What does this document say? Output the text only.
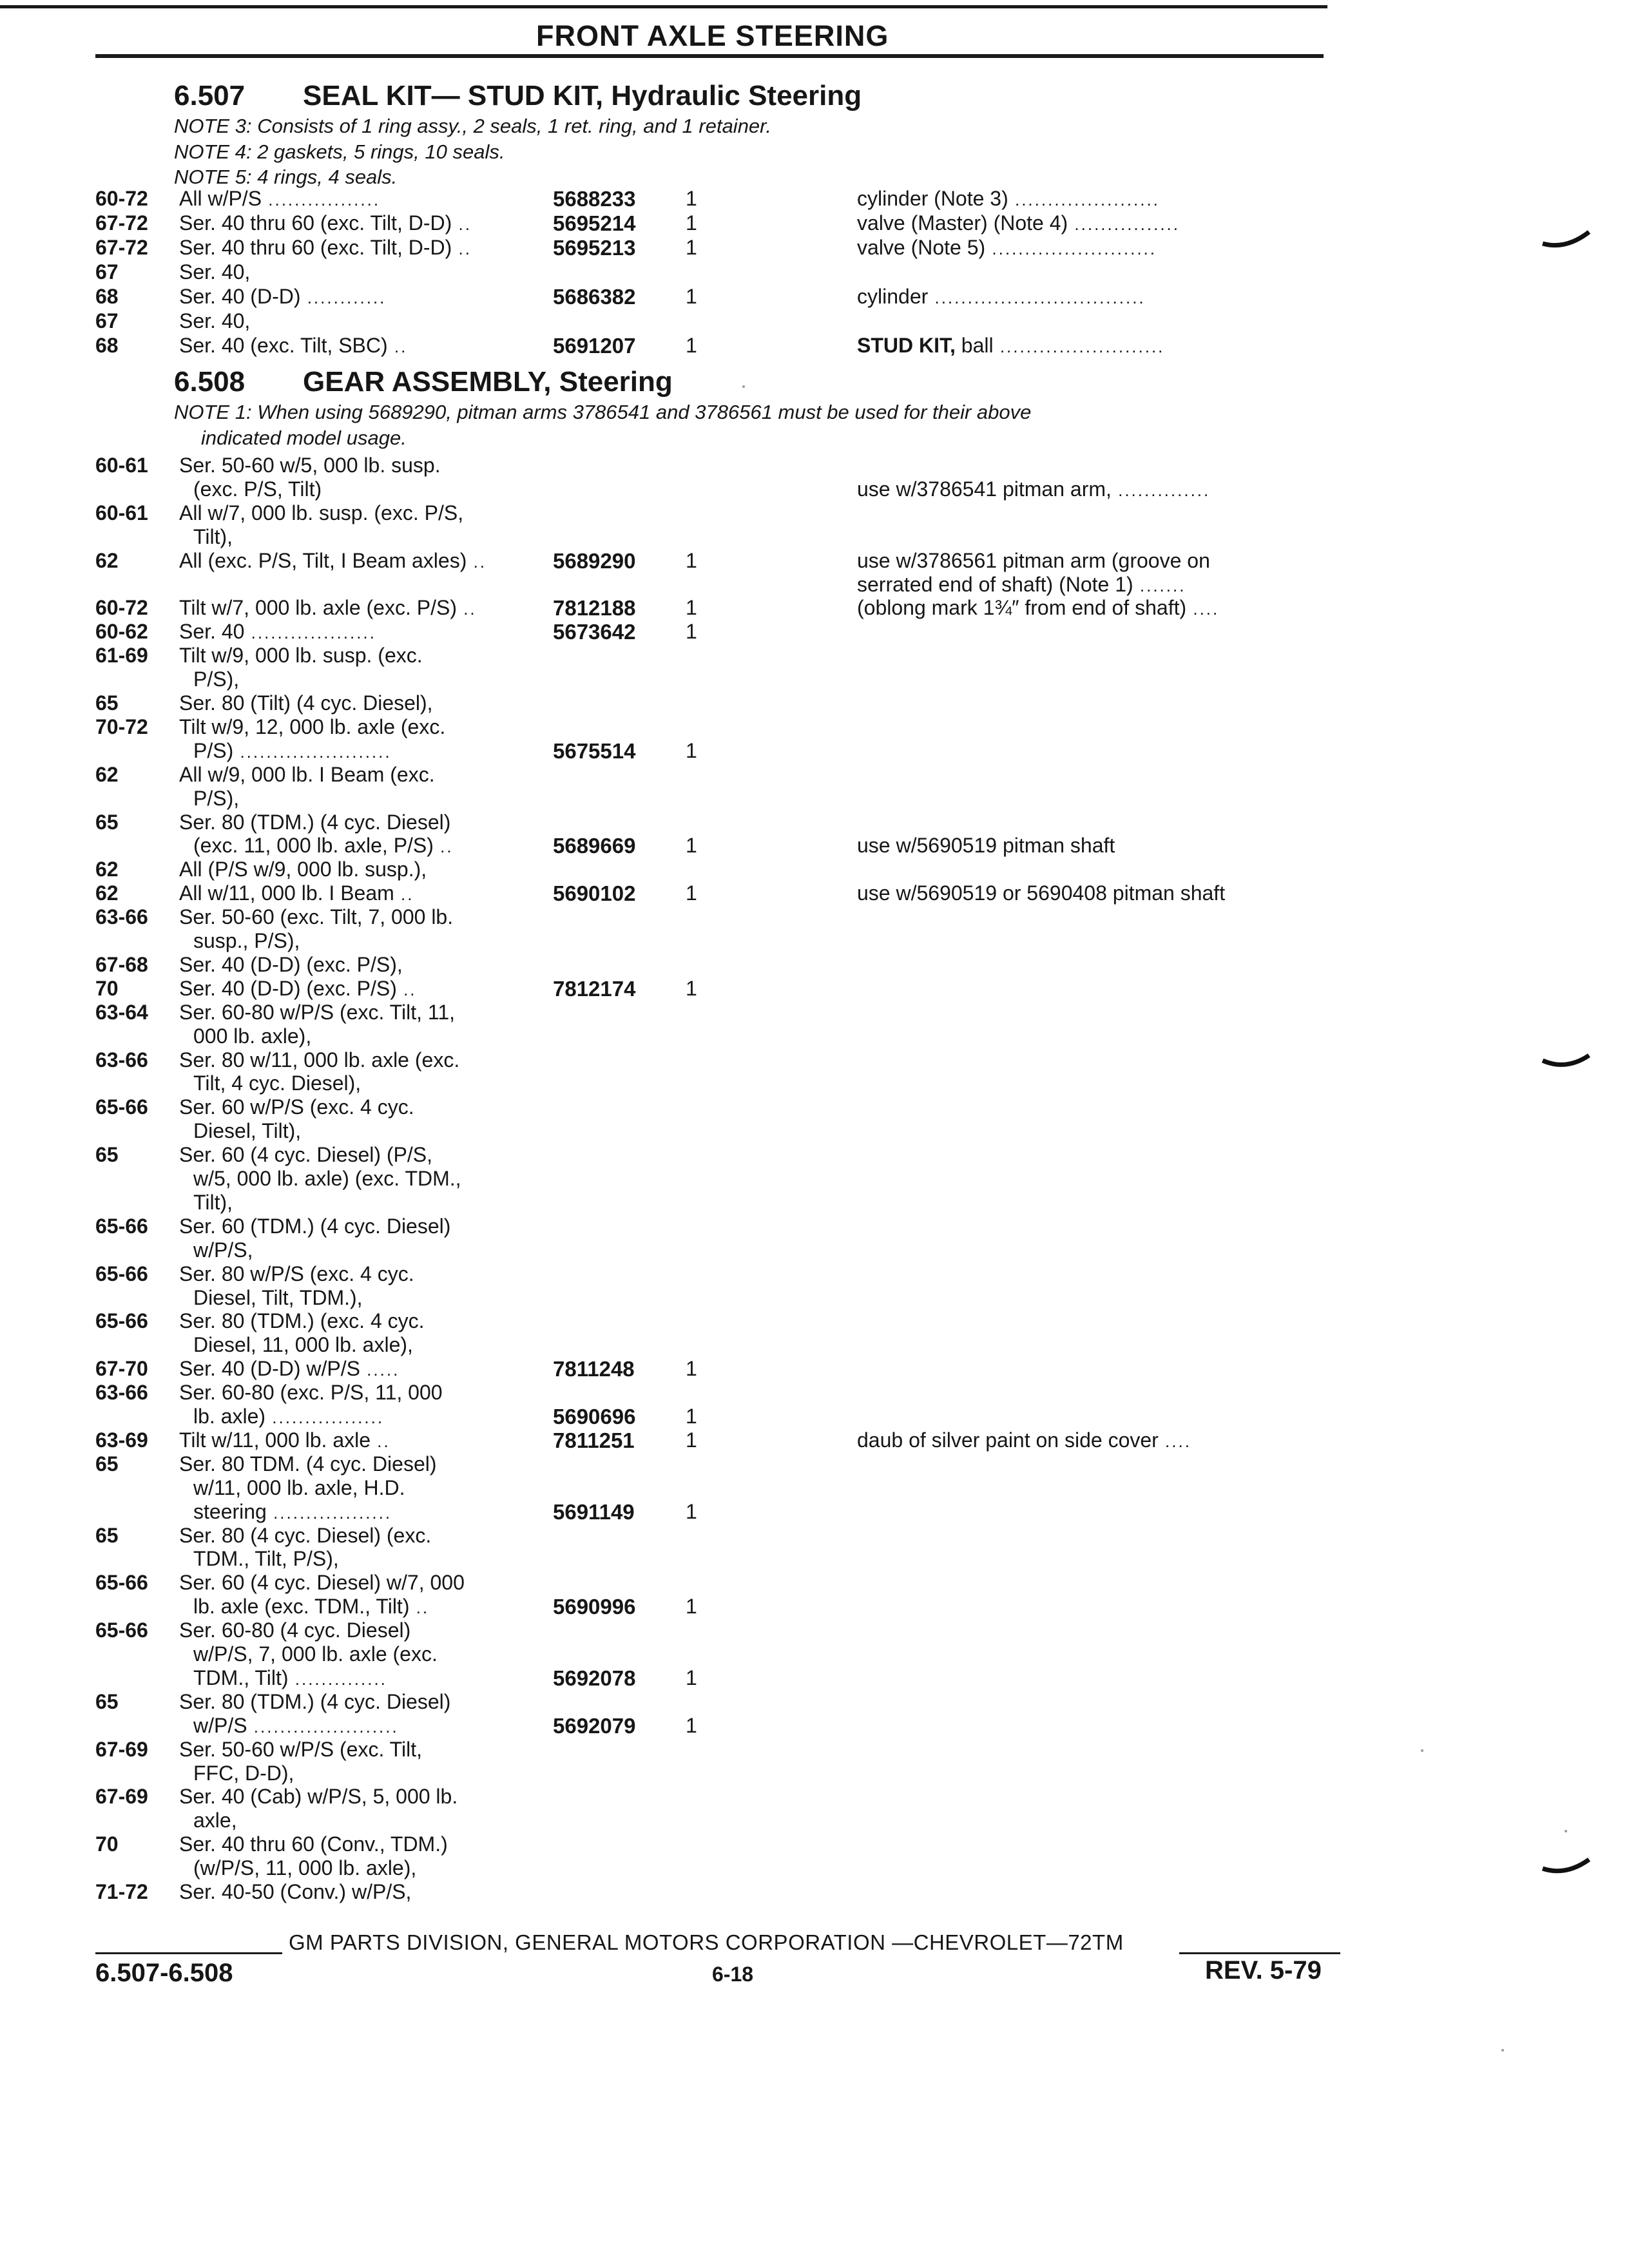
FRONT AXLE STEERING
6.507 SEAL KIT— STUD KIT, Hydraulic Steering
NOTE 3: Consists of 1 ring assy., 2 seals, 1 ret. ring, and 1 retainer.
NOTE 4: 2 gaskets, 5 rings, 10 seals.
NOTE 5: 4 rings, 4 seals.
60-72 All w/P/S .................	5688233 1	cylinder (Note 3) ......................
67-72 Ser. 40 thru 60 (exc. Tilt, D-D) ..	5695214 1	valve (Master) (Note 4) ................
67-72 Ser. 40 thru 60 (exc. Tilt, D-D) ..	5695213 1	valve (Note 5) .........................
67	Ser. 40,
68	Ser. 40 (D-D) ............	5686382 1	cylinder ................................
67	Ser. 40,
68	Ser. 40 (exc. Tilt, SBC) ..	5691207 1	STUD KIT, ball .........................
6.508 GEAR ASSEMBLY, Steering
NOTE 1: When using 5689290, pitman arms 3786541 and 3786561 must be used for their above
indicated model usage.
60-61 Ser. 50-60 w/5, 000 lb. susp.
(exc. P/S, Tilt)	use w/3786541 pitman arm, ..............
60-61 All w/7, 000 lb. susp. (exc. P/S,
Tilt),
62	All (exc. P/S, Tilt, I Beam axles) ..	5689290 1	use w/3786561 pitman arm (groove on
serrated end of shaft) (Note 1) .......
60-72 Tilt w/7, 000 lb. axle (exc. P/S) ..	7812188 1	(oblong mark 1¾″ from end of shaft) ....
60-62 Ser. 40 ...................	5673642 1
61-69 Tilt w/9, 000 lb. susp. (exc.
P/S),
65	Ser. 80 (Tilt) (4 cyc. Diesel),
70-72 Tilt w/9, 12, 000 lb. axle (exc.
P/S) .......................	5675514 1
62	All w/9, 000 lb. I Beam (exc.
P/S),
65	Ser. 80 (TDM.) (4 cyc. Diesel)
(exc. 11, 000 lb. axle, P/S) ..	5689669 1	use w/5690519 pitman shaft
62	All (P/S w/9, 000 lb. susp.),
62	All w/11, 000 lb. I Beam ..	5690102 1	use w/5690519 or 5690408 pitman shaft
63-66 Ser. 50-60 (exc. Tilt, 7, 000 lb.
susp., P/S),
67-68 Ser. 40 (D-D) (exc. P/S),
70	Ser. 40 (D-D) (exc. P/S) ..	7812174 1
63-64 Ser. 60-80 w/P/S (exc. Tilt, 11,
000 lb. axle),
63-66 Ser. 80 w/11, 000 lb. axle (exc.
Tilt, 4 cyc. Diesel),
65-66 Ser. 60 w/P/S (exc. 4 cyc.
Diesel, Tilt),
65	Ser. 60 (4 cyc. Diesel) (P/S,
w/5, 000 lb. axle) (exc. TDM.,
Tilt),
65-66 Ser. 60 (TDM.) (4 cyc. Diesel)
w/P/S,
65-66 Ser. 80 w/P/S (exc. 4 cyc.
Diesel, Tilt, TDM.),
65-66 Ser. 80 (TDM.) (exc. 4 cyc.
Diesel, 11, 000 lb. axle),
67-70 Ser. 40 (D-D) w/P/S .....	7811248 1
63-66 Ser. 60-80 (exc. P/S, 11, 000
lb. axle) .................	5690696 1
63-69 Tilt w/11, 000 lb. axle ..	7811251 1	daub of silver paint on side cover ....
65	Ser. 80 TDM. (4 cyc. Diesel)
w/11, 000 lb. axle, H.D.
steering ..................	5691149 1
65	Ser. 80 (4 cyc. Diesel) (exc.
TDM., Tilt, P/S),
65-66 Ser. 60 (4 cyc. Diesel) w/7, 000
lb. axle (exc. TDM., Tilt) ..	5690996 1
65-66 Ser. 60-80 (4 cyc. Diesel)
w/P/S, 7, 000 lb. axle (exc.
TDM., Tilt) ..............	5692078 1
65	Ser. 80 (TDM.) (4 cyc. Diesel)
w/P/S ......................	5692079 1
67-69 Ser. 50-60 w/P/S (exc. Tilt,
FFC, D-D),
67-69 Ser. 40 (Cab) w/P/S, 5, 000 lb.
axle,
70	Ser. 40 thru 60 (Conv., TDM.)
(w/P/S, 11, 000 lb. axle),
71-72 Ser. 40-50 (Conv.) w/P/S,
GM PARTS DIVISION, GENERAL MOTORS CORPORATION —CHEVROLET—72TM
6.507-6.508	6-18	REV. 5-79
